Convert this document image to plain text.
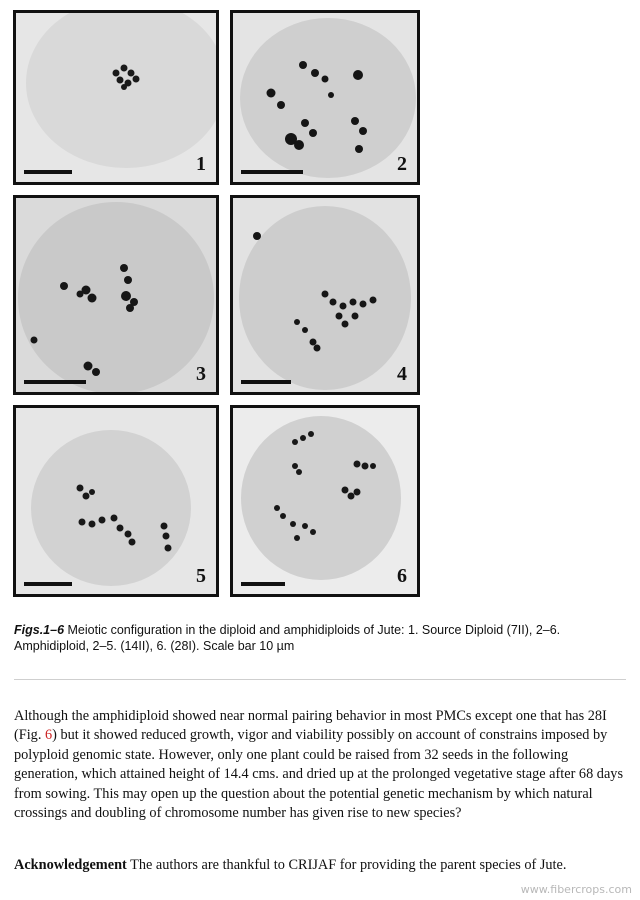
1	2
3	4
5	6
Figs.1–6 Meiotic configuration in the diploid and amphidiploids of Jute: 1. Source Diploid (7II), 2–6. Amphidiploid, 2–5. (14II), 6. (28I). Scale bar 10 µm
Although the amphidiploid showed near normal pairing behavior in most PMCs except one that has 28I (Fig. 6) but it showed reduced growth, vigor and viability possibly on account of constrains imposed by polyploid genomic state. However, only one plant could be raised from 32 seeds in the following generation, which attained height of 14.4 cms. and dried up at the prolonged vegetative stage after 68 days from sowing. This may open up the question about the potential genetic mechanism by which natural crossings and doubling of chromosome number has given rise to new species?
Acknowledgement The authors are thankful to CRIJAF for providing the parent species of Jute.
www.fibercrops.com
